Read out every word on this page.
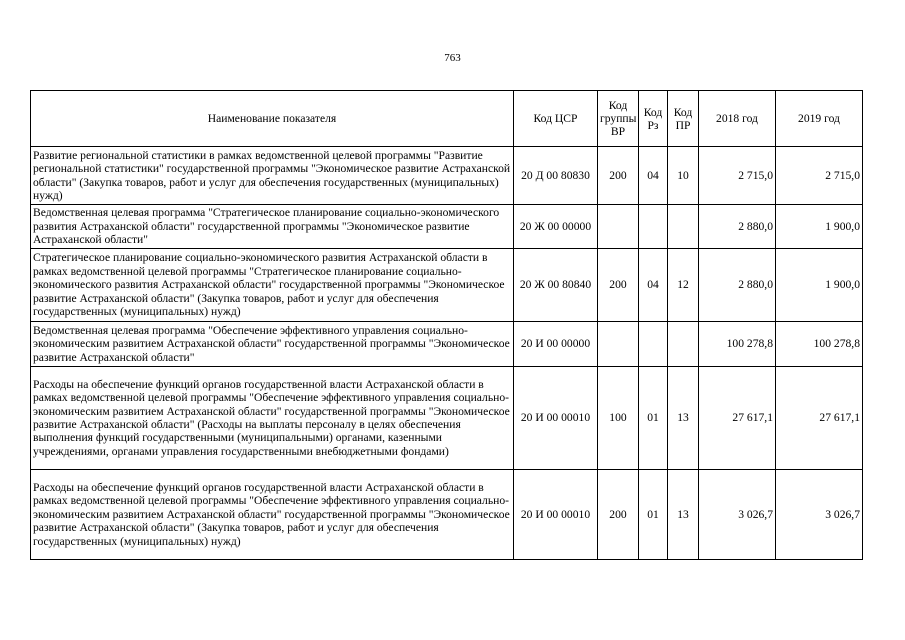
763
Наименование показателя	Код ЦСР	Код группы ВР	Код Рз	Код ПР	2018 год	2019 год
Развитие региональной статистики в рамках ведомственной целевой программы "Развитие региональной статистики" государственной программы "Экономическое развитие Астраханской области" (Закупка товаров, работ и услуг для обеспечения государственных (муниципальных) нужд)	20 Д 00 80830	200	04	10	2 715,0	2 715,0
Ведомственная целевая программа "Стратегическое планирование социально-экономического развития Астраханской области" государственной программы "Экономическое развитие Астраханской области"	20 Ж 00 00000				2 880,0	1 900,0
Стратегическое планирование социально-экономического развития Астраханской области в рамках ведомственной целевой программы "Стратегическое планирование социально-экономического развития Астраханской области" государственной программы "Экономическое развитие Астраханской области" (Закупка товаров, работ и услуг для обеспечения государственных (муниципальных) нужд)	20 Ж 00 80840	200	04	12	2 880,0	1 900,0
Ведомственная целевая программа "Обеспечение эффективного управления социально-экономическим развитием Астраханской области" государственной программы "Экономическое развитие Астраханской области"	20 И 00 00000				100 278,8	100 278,8
Расходы на обеспечение функций органов государственной власти Астраханской области в рамках ведомственной целевой программы "Обеспечение эффективного управления социально-экономическим развитием Астраханской области" государственной программы "Экономическое развитие Астраханской области" (Расходы на выплаты персоналу в целях обеспечения выполнения функций государственными (муниципальными) органами, казенными учреждениями, органами управления государственными внебюджетными фондами)	20 И 00 00010	100	01	13	27 617,1	27 617,1
Расходы на обеспечение функций органов государственной власти Астраханской области в рамках ведомственной целевой программы "Обеспечение эффективного управления социально-экономическим развитием Астраханской области" государственной программы "Экономическое развитие Астраханской области" (Закупка товаров, работ и услуг для обеспечения государственных (муниципальных) нужд)	20 И 00 00010	200	01	13	3 026,7	3 026,7
